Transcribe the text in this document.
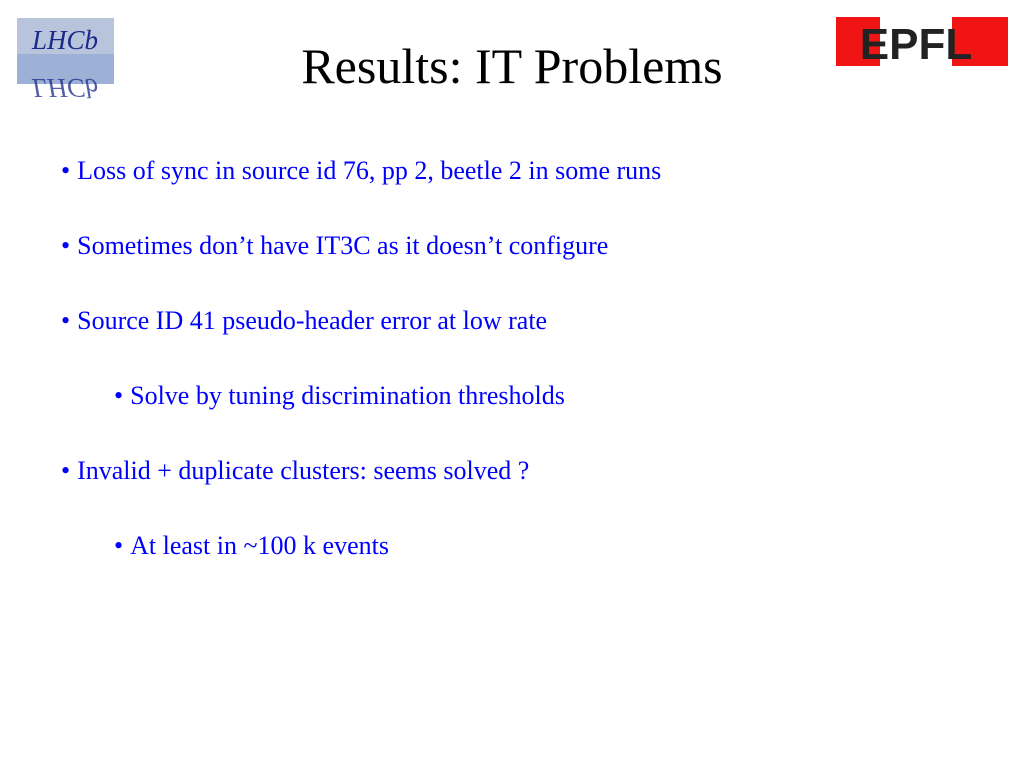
LHCb
LHCb
EPFL
Results: IT Problems
• Loss of sync in source id 76, pp 2, beetle 2 in some runs
• Sometimes don’t have IT3C as it doesn’t configure
• Source ID 41 pseudo-header error at low rate
• Solve by tuning discrimination thresholds
• Invalid + duplicate clusters: seems solved ?
• At least in ~100 k events
